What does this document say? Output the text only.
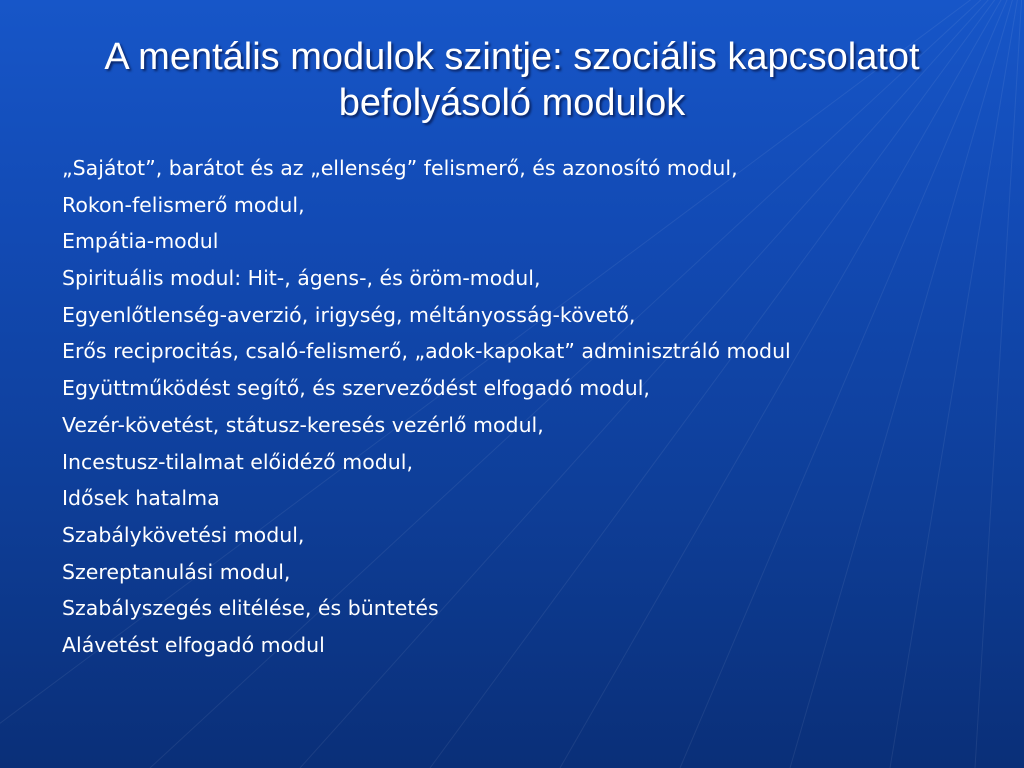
A mentális modulok szintje: szociális kapcsolatot befolyásoló modulok
„Sajátot”, barátot és az „ellenség” felismerő, és azonosító modul,
Rokon-felismerő modul,
Empátia-modul
Spirituális modul: Hit-, ágens-, és öröm-modul,
Egyenlőtlenség-averzió, irigység, méltányosság-követő,
Erős reciprocitás, csaló-felismerő, „adok-kapokat” adminisztráló modul
Együttműködést segítő, és szerveződést elfogadó modul,
Vezér-követést, státusz-keresés vezérlő modul,
Incestusz-tilalmat előidéző modul,
Idősek hatalma
Szabálykövetési modul,
Szereptanulási modul,
Szabályszegés elitélése, és büntetés
Alávetést elfogadó modul
